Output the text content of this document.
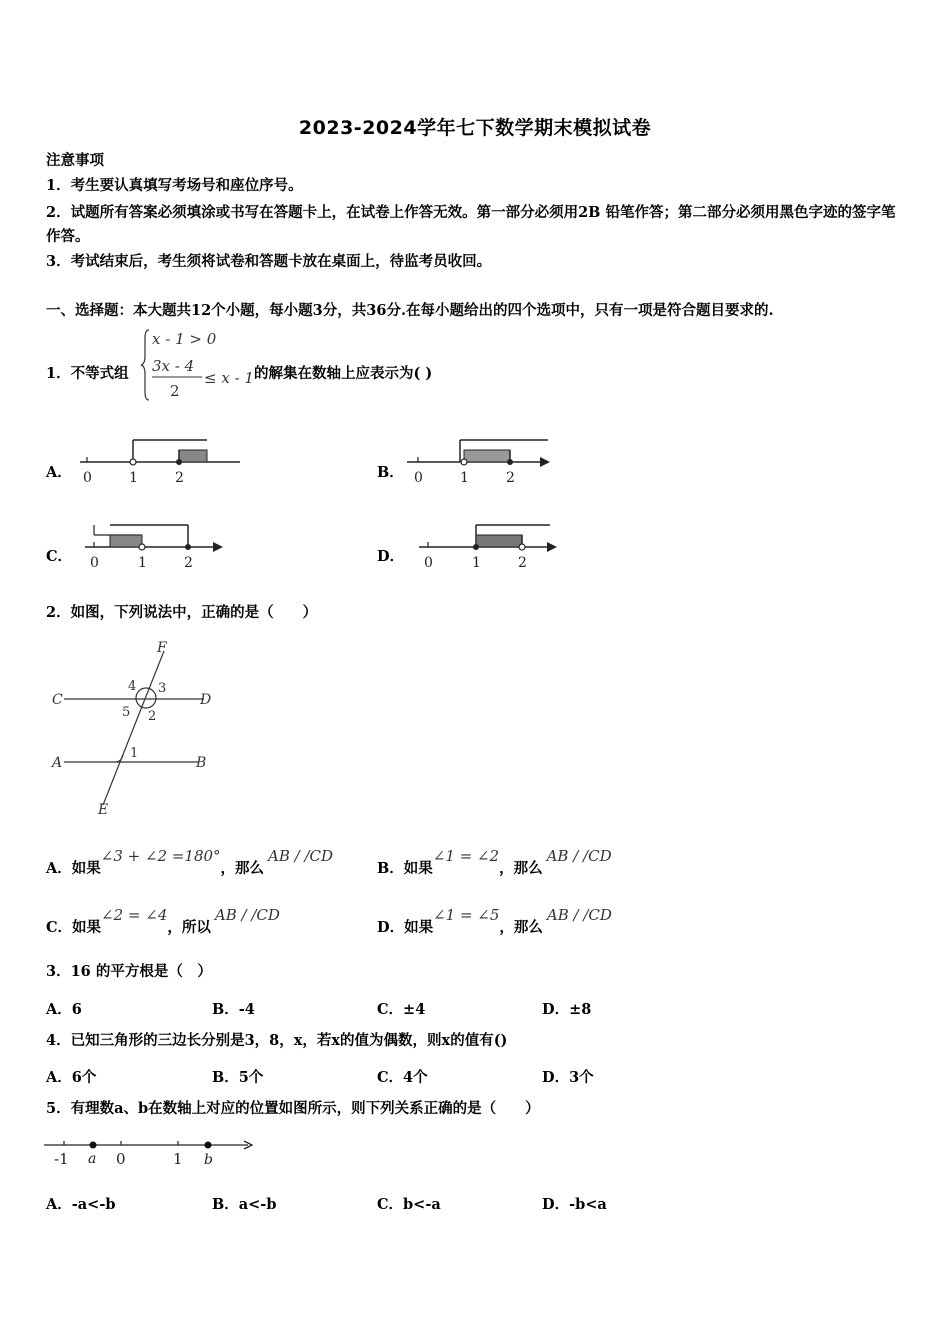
2023-2024学年七下数学期末模拟试卷
注意事项
1．考生要认真填写考场号和座位序号。
2．试题所有答案必须填涂或书写在答题卡上，在试卷上作答无效。第一部分必须用2B 铅笔作答；第二部分必须用黑色字迹的签字笔作答。
3．考试结束后，考生须将试卷和答题卡放在桌面上，待监考员收回。
一、选择题：本大题共12个小题，每小题3分，共36分.在每小题给出的四个选项中，只有一项是符合题目要求的.
1．不等式组
x - 1 > 0
3x - 4
2
≤ x - 1 的解集在数轴上应表示为( )
A． 0	1	2	B． 0	1	2
C． 0	1	2	D． 0	1	2
2．如图，下列说法中，正确的是（　　）
F
C	D
A	B
E
4 3
5 2
1
A．如果∠3 + ∠2 =180°，那么AB / /CD
B．如果∠1 = ∠2，那么AB / /CD
C．如果∠2 = ∠4，所以AB / /CD
D．如果∠1 = ∠5，那么AB / /CD
3．16 的平方根是（　）
A．6	B．-4	C．±4	D．±8
4．已知三角形的三边长分别是3，8，x，若x的值为偶数，则x的值有()
A．6个	B．5个	C．4个	D．3个
5．有理数a、b在数轴上对应的位置如图所示，则下列关系正确的是（　　）
-1 a 0	1 b
A．-a<-b	B．a<-b	C．b<-a	D．-b<a
